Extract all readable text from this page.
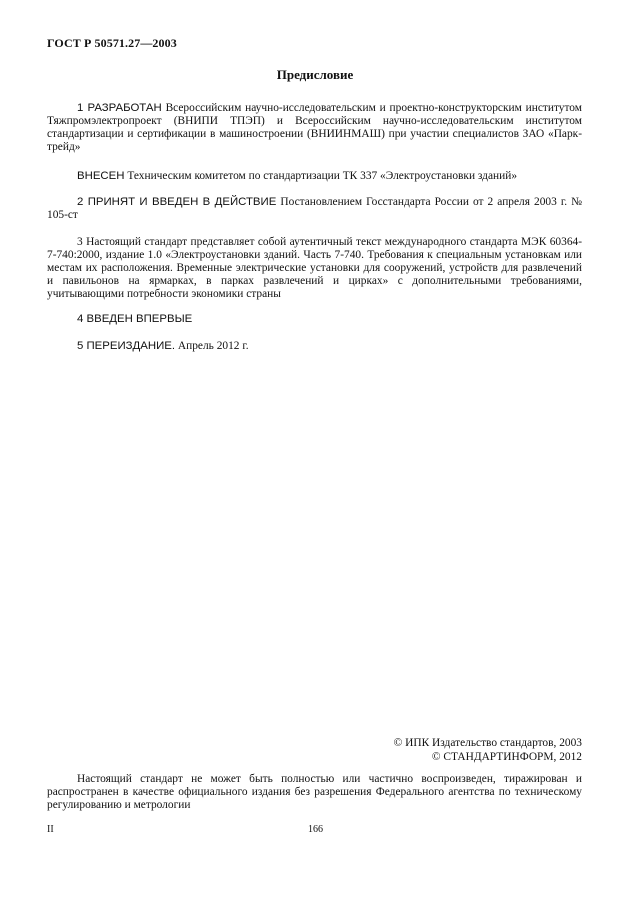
ГОСТ Р 50571.27—2003
Предисловие

1 РАЗРАБОТАН Всероссийским научно-исследовательским и проектно-конструкторским институтом Тяжпромэлектропроект (ВНИПИ ТПЭП) и Всероссийским научно-исследовательским институтом стандартизации и сертификации в машиностроении (ВНИИНМАШ) при участии специалистов ЗАО «Парк-трейд»

ВНЕСЕН Техническим комитетом по стандартизации ТК 337 «Электроустановки зданий»

2 ПРИНЯТ И ВВЕДЕН В ДЕЙСТВИЕ Постановлением Госстандарта России от 2 апреля 2003 г. № 105-ст

3 Настоящий стандарт представляет собой аутентичный текст международного стандарта МЭК 60364-7-740:2000, издание 1.0 «Электроустановки зданий. Часть 7-740. Требования к специальным установкам или местам их расположения. Временные электрические установки для сооружений, устройств для развлечений и павильонов на ярмарках, в парках развлечений и цирках» с дополнительными требованиями, учитывающими потребности экономики страны

4 ВВЕДЕН ВПЕРВЫЕ

5 ПЕРЕИЗДАНИЕ. Апрель 2012 г.

© ИПК Издательство стандартов, 2003
© СТАНДАРТИНФОРМ, 2012

Настоящий стандарт не может быть полностью или частично воспроизведен, тиражирован и распространен в качестве официального издания без разрешения Федерального агентства по техническому регулированию и метрологии

II	166
